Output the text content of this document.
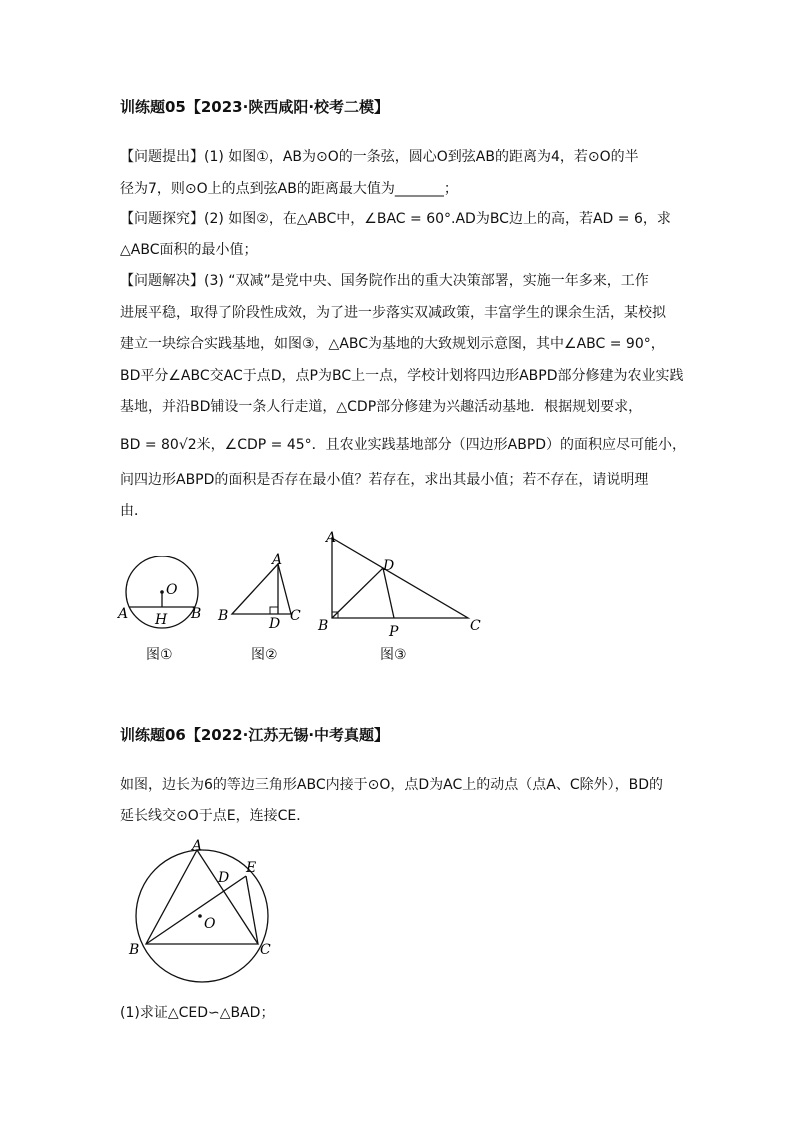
训练题05【2023·陕西咸阳·校考二模】
【问题提出】(1) 如图①，AB为⊙O的一条弦，圆心O到弦AB的距离为4，若⊙O的半
径为7，则⊙O上的点到弦AB的距离最大值为_______；
【问题探究】(2) 如图②，在△ABC中，∠BAC = 60°.AD为BC边上的高，若AD = 6，求
△ABC面积的最小值；
【问题解决】(3) “双减”是党中央、国务院作出的重大决策部署，实施一年多来，工作
进展平稳，取得了阶段性成效，为了进一步落实双减政策，丰富学生的课余生活，某校拟
建立一块综合实践基地，如图③，△ABC为基地的大致规划示意图，其中∠ABC = 90°，
BD平分∠ABC交AC于点D，点P为BC上一点，学校计划将四边形ABPD部分修建为农业实践
基地，并沿BD铺设一条人行走道，△CDP部分修建为兴趣活动基地．根据规划要求，
BD = 80√2米，∠CDP = 45°．且农业实践基地部分（四边形ABPD）的面积应尽可能小，
问四边形ABPD的面积是否存在最小值？若存在，求出其最小值；若不存在，请说明理
由．
O
A	B
H
图①
A
B	C
D
图②
A
B	C
D
P
图③
训练题06【2022·江苏无锡·中考真题】
如图，边长为6的等边三角形ABC内接于⊙O，点D为AC上的动点（点A、C除外），BD的
延长线交⊙O于点E，连接CE．
A
B	C
D
E
O
(1)求证△CED∽△BAD；
